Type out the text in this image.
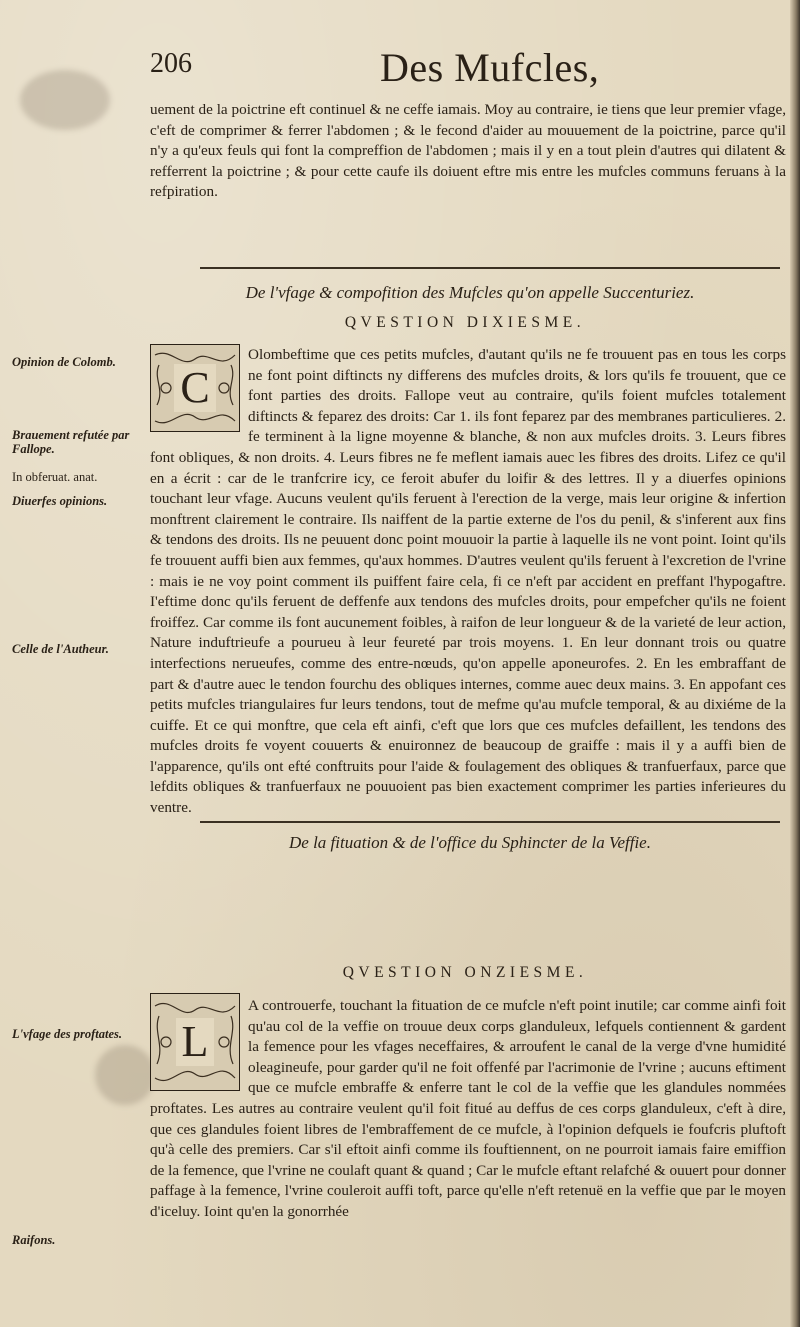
206	Des Mufcles,

uement de la poictrine eft continuel & ne ceffe iamais. Moy au contraire, ie tiens que leur premier vfage, c'eft de comprimer & ferrer l'abdomen ; & le fecond d'aider au mouuement de la poictrine, parce qu'il n'y a qu'eux feuls qui font la compreffion de l'abdomen ; mais il y en a tout plein d'autres qui dilatent & refferrent la poictrine ; & pour cette caufe ils doiuent eftre mis entre les mufcles communs feruans à la refpiration.

De l'vfage & compofition des Mufcles qu'on appelle Succenturiez.
QVESTION DIXIESME.
C

Olombeftime que ces petits mufcles, d'autant qu'ils ne fe trouuent pas en tous les corps ne font point diftincts ny differens des mufcles droits, & lors qu'ils fe trouuent, que ce font parties des droits. Fallope veut au contraire, qu'ils foient mufcles totalement diftincts & feparez des droits: Car 1. ils font feparez par des membranes particulieres. 2. fe terminent à la ligne moyenne & blanche, & non aux mufcles droits. 3. Leurs fibres font obliques, & non droits. 4. Leurs fibres ne fe meflent iamais auec les fibres des droits. Lifez ce qu'il en a écrit : car de le tranfcrire icy, ce feroit abufer du loifir & des lettres. Il y a diuerfes opinions touchant leur vfage. Aucuns veulent qu'ils feruent à l'erection de la verge, mais leur origine & infertion monftrent clairement le contraire. Ils naiffent de la partie externe de l'os du penil, & s'inferent aux fins & tendons des droits. Ils ne peuuent donc point mouuoir la partie à laquelle ils ne vont point. Ioint qu'ils fe trouuent auffi bien aux femmes, qu'aux hommes. D'autres veulent qu'ils feruent à l'excretion de l'vrine : mais ie ne voy point comment ils puiffent faire cela, fi ce n'eft par accident en preffant l'hypogaftre. I'eftime donc qu'ils feruent de deffenfe aux tendons des mufcles droits, pour empefcher qu'ils ne foient froiffez. Car comme ils font aucunement foibles, à raifon de leur longueur & de la varieté de leur action, Nature induftrieufe a pourueu à leur feureté par trois moyens. 1. En leur donnant trois ou quatre interfections nerueufes, comme des entre-nœuds, qu'on appelle aponeurofes. 2. En les embraffant de part & d'autre auec le tendon fourchu des obliques internes, comme auec deux mains. 3. En appofant ces petits mufcles triangulaires fur leurs tendons, tout de mefme qu'au mufcle temporal, & au dixiéme de la cuiffe. Et ce qui monftre, que cela eft ainfi, c'eft que lors que ces mufcles defaillent, les tendons des mufcles droits fe voyent couuerts & enuironnez de beaucoup de graiffe : mais il y a auffi bien de l'apparence, qu'ils ont efté conftruits pour l'aide & foulagement des obliques & tranfuerfaux, parce que lefdits obliques & tranfuerfaux ne pouuoient pas bien exactement comprimer les parties inferieures du ventre.

De la fituation & de l'office du Sphincter de la Veffie.
QVESTION ONZIESME.
L

A controuerfe, touchant la fituation de ce mufcle n'eft point inutile; car comme ainfi foit qu'au col de la veffie on trouue deux corps glanduleux, lefquels contiennent & gardent la femence pour les vfages neceffaires, & arroufent le canal de la verge d'vne humidité oleagineufe, pour garder qu'il ne foit offenfé par l'acrimonie de l'vrine ; aucuns eftiment que ce mufcle embraffe & enferre tant le col de la veffie que les glandules nommées proftates. Les autres au contraire veulent qu'il foit fitué au deffus de ces corps glanduleux, c'eft à dire, que ces glandules foient libres de l'embraffement de ce mufcle, à l'opinion defquels ie foufcris pluftoft qu'à celle des premiers. Car s'il eftoit ainfi comme ils fouftiennent, on ne pourroit iamais faire emiffion de la femence, que l'vrine ne coulaft quant & quand ; Car le mufcle eftant relafché & ouuert pour donner paffage à la femence, l'vrine couleroit auffi toft, parce qu'elle n'eft retenuë en la veffie que par le moyen d'iceluy. Ioint qu'en la gonorrhée

Opinion de Colomb.
Brauement refutée par Fallope.
In obferuat. anat.
Diuerfes opinions.
Celle de l'Autheur.
L'vfage des proftates.
Raifons.
